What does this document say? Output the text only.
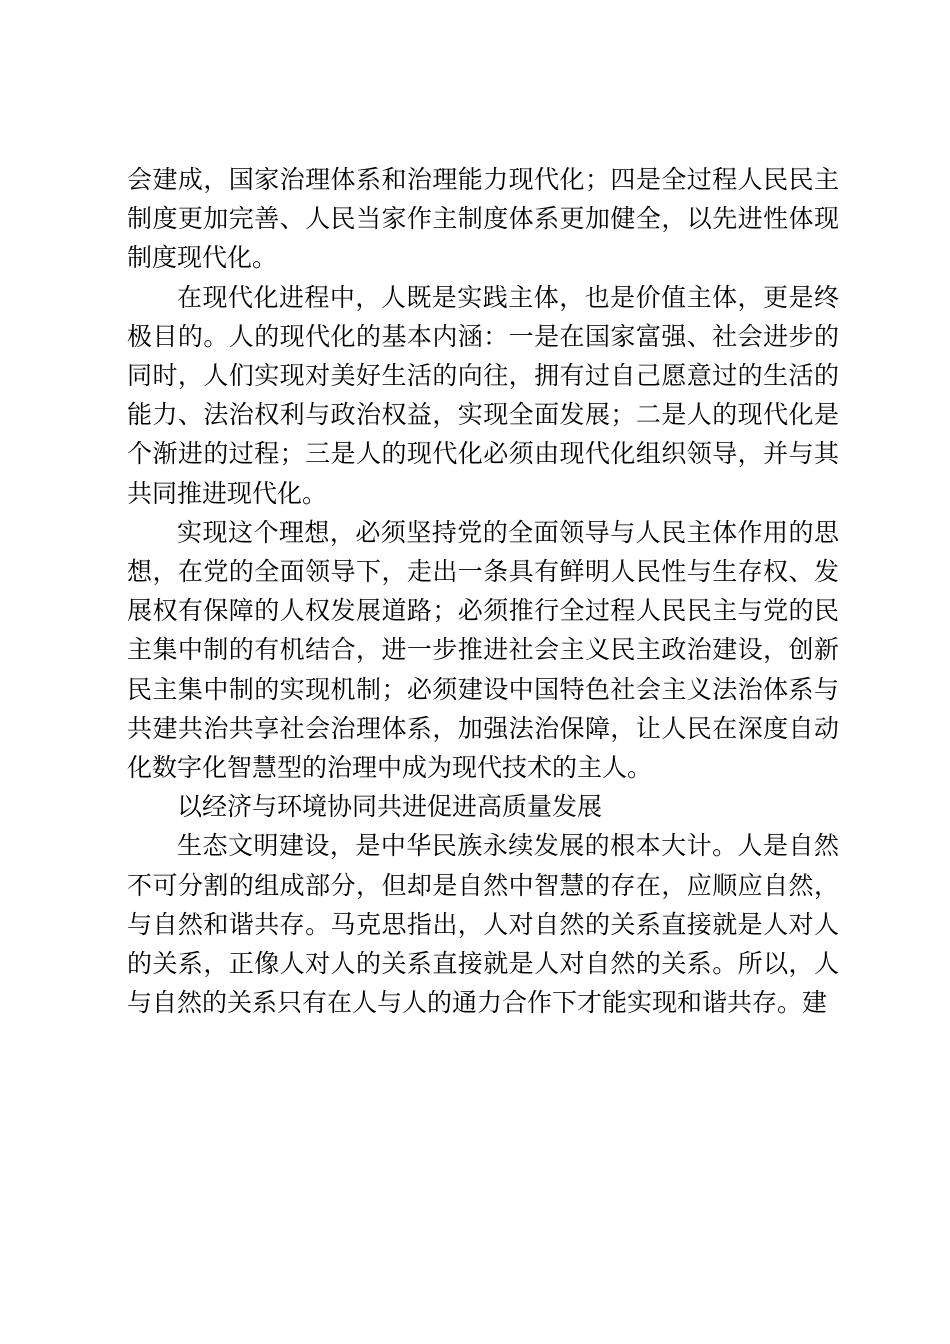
会建成，国家治理体系和治理能力现代化；四是全过程人民民主制度更加完善、人民当家作主制度体系更加健全，以先进性体现制度现代化。

在现代化进程中，人既是实践主体，也是价值主体，更是终极目的。人的现代化的基本内涵：一是在国家富强、社会进步的同时，人们实现对美好生活的向往，拥有过自己愿意过的生活的能力、法治权利与政治权益，实现全面发展；二是人的现代化是个渐进的过程；三是人的现代化必须由现代化组织领导，并与其共同推进现代化。

实现这个理想，必须坚持党的全面领导与人民主体作用的思想，在党的全面领导下，走出一条具有鲜明人民性与生存权、发展权有保障的人权发展道路；必须推行全过程人民民主与党的民主集中制的有机结合，进一步推进社会主义民主政治建设，创新民主集中制的实现机制；必须建设中国特色社会主义法治体系与共建共治共享社会治理体系，加强法治保障，让人民在深度自动化数字化智慧型的治理中成为现代技术的主人。

以经济与环境协同共进促进高质量发展

生态文明建设，是中华民族永续发展的根本大计。人是自然不可分割的组成部分，但却是自然中智慧的存在，应顺应自然，与自然和谐共存。马克思指出，人对自然的关系直接就是人对人的关系，正像人对人的关系直接就是人对自然的关系。所以，人与自然的关系只有在人与人的通力合作下才能实现和谐共存。建
